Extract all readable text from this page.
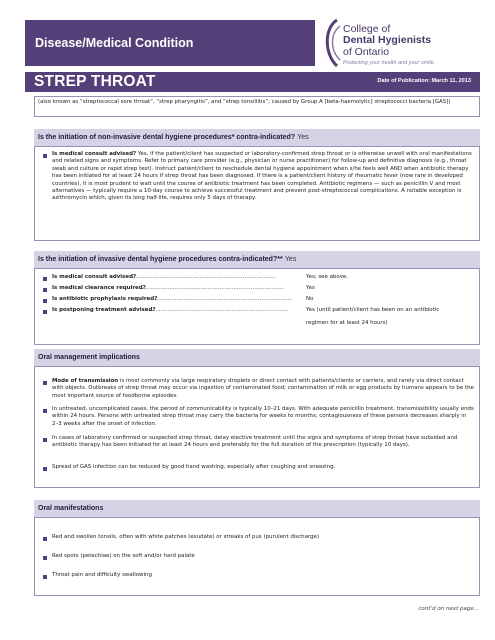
Disease/Medical Condition
College of
Dental Hygienists
of Ontario
Protecting your health and your smile.
STREP THROAT	Date of Publication: March 11, 2013
(also known as “streptococcal sore throat”, “strep pharyngitis”, and “strep tonsillitis”; caused by Group A [beta-haemolytic] streptococci bacteria [GAS])
Is the initiation of non-invasive dental hygiene procedures* contra-indicated? Yes
Is medical consult advised? Yes, if the patient/client has suspected or laboratory-confirmed strep throat or is otherwise unwell with oral manifestations and related signs and symptoms. Refer to primary care provider (e.g., physician or nurse practitioner) for follow-up and definitive diagnosis (e.g., throat swab and culture or rapid strep test). Instruct patient/client to reschedule dental hygiene appointment when s/he feels well AND when antibiotic therapy has been initiated for at least 24 hours if strep throat has been diagnosed. If there is a patient/client history of rheumatic fever (now rare in developed countries), it is most prudent to wait until the course of antibiotic treatment has been completed. Antibiotic regimens — such as penicillin V and most alternatives — typically require a 10-day course to achieve successful treatment and prevent post-streptococcal complications. A notable exception is azithromycin which, given its long half-life, requires only 5 days of therapy.
Is the initiation of invasive dental hygiene procedures contra-indicated?** Yes
Is medical consult advised?
...................................................................................	Yes; see above.
Is medical clearance required?
...................................................................................	Yes
Is antibiotic prophylaxis required?
...................................................................................	No
Is postponing treatment advised?
...................................................................................	Yes (until patient/client has been on an antibiotic
regimen for at least 24 hours)
Oral management implications
Mode of transmission is most commonly via large respiratory droplets or direct contact with patients/clients or carriers, and rarely via direct contact with objects. Outbreaks of strep throat may occur via ingestion of contaminated food; contamination of milk or egg products by humans appears to be the most important source of foodborne episodes.
In untreated, uncomplicated cases, the period of communicability is typically 10–21 days. With adequate penicillin treatment, transmissibility usually ends within 24 hours. Persons with untreated strep throat may carry the bacteria for weeks to months; contagiousness of these persons decreases sharply in 2–3 weeks after the onset of infection.
In cases of laboratory confirmed or suspected strep throat, delay elective treatment until the signs and symptoms of strep throat have subsided and antibiotic therapy has been initiated for at least 24 hours and preferably for the full duration of the prescription (typically 10 days).
Spread of GAS infection can be reduced by good hand washing, especially after coughing and sneezing.
Oral manifestations
Red and swollen tonsils, often with white patches (exudate) or streaks of pus (purulent discharge)
Red spots (petechiae) on the soft and/or hard palate
Throat pain and difficulty swallowing
cont’d on next page...
